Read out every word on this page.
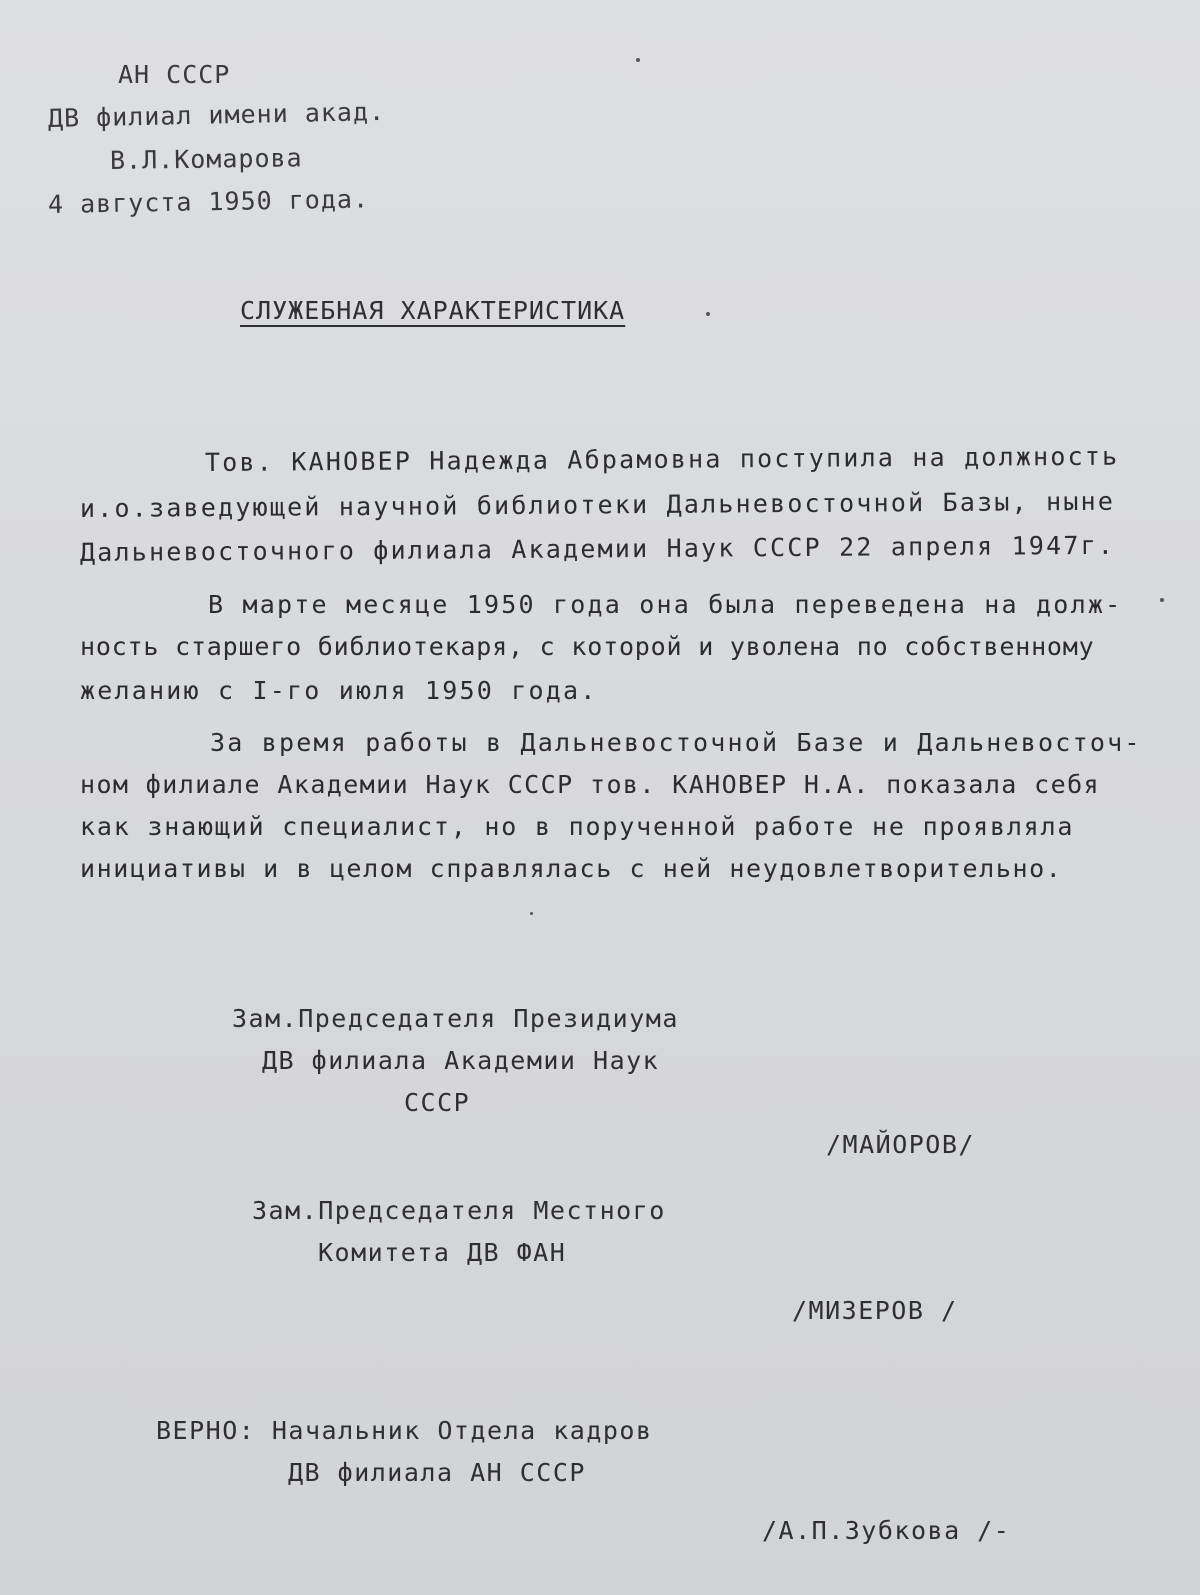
АН СССР

ДВ филиал имени акад.

В.Л.Комарова

4 августа 1950 года.

СЛУЖЕБНАЯ ХАРАКТЕРИСТИКА

Тов. КАНОВЕР Надежда Абрамовна поступила на должность

и.о.заведующей научной библиотеки Дальневосточной Базы, ныне

Дальневосточного филиала Академии Наук СССР 22 апреля 1947г.

В марте месяце 1950 года она была переведена на долж-

ность старшего библиотекаря, с которой и уволена по собственному

желанию с I-го июля 1950 года.

За время работы в Дальневосточной Базе и Дальневосточ-

ном филиале Академии Наук СССР тов. КАНОВЕР Н.А. показала себя

как знающий специалист, но в порученной работе не проявляла

инициативы и в целом справлялась с ней неудовлетворительно.

Зам.Председателя Президиума

ДВ филиала Академии Наук

СССР

/МАЙОРОВ/

Зам.Председателя Местного

Комитета ДВ ФАН

/МИЗЕРОВ /

ВЕРНО: Начальник Отдела кадров

ДВ филиала АН СССР

/А.П.Зубкова /-
